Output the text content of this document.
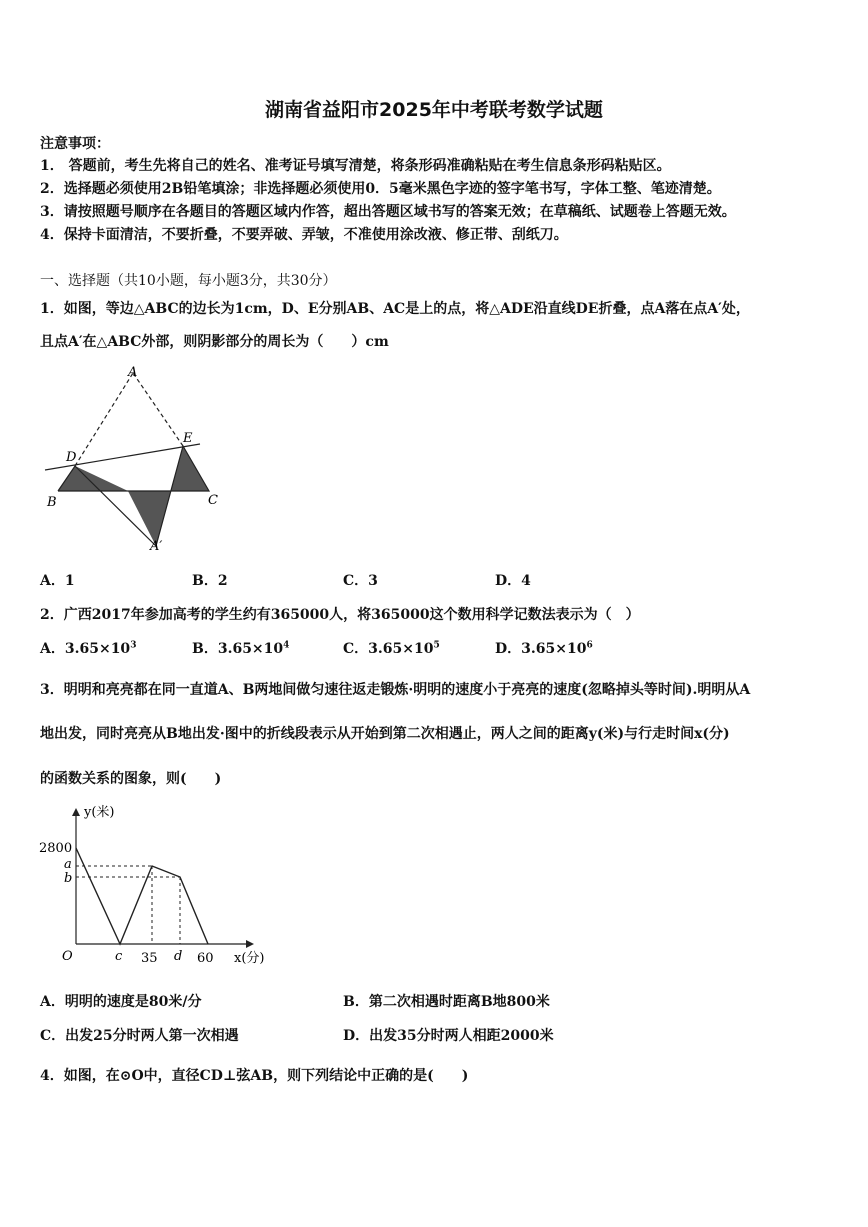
湖南省益阳市2025年中考联考数学试题
注意事项：
1． 答题前，考生先将自己的姓名、准考证号填写清楚，将条形码准确粘贴在考生信息条形码粘贴区。
2．选择题必须使用2B铅笔填涂；非选择题必须使用0．5毫米黑色字迹的签字笔书写，字体工整、笔迹清楚。
3．请按照题号顺序在各题目的答题区域内作答，超出答题区域书写的答案无效；在草稿纸、试题卷上答题无效。
4．保持卡面清洁，不要折叠，不要弄破、弄皱，不准使用涂改液、修正带、刮纸刀。
一、选择题（共10小题，每小题3分，共30分）
1．如图，等边△ABC的边长为1cm，D、E分别AB、AC是上的点，将△ADE沿直线DE折叠，点A落在点A′处，
且点A′在△ABC外部，则阴影部分的周长为（　　）cm
A
D
E
B	C
A′
A．1	B．2	C．3	D．4
2．广西2017年参加高考的学生约有365000人，将365000这个数用科学记数法表示为（　）
A．$3.65\times 10^3$	B．$3.65\times 10^4$	C．$3.65\times 10^5$	D．$3.65\times 10^6$
3．明明和亮亮都在同一直道A、B两地间做匀速往返走锻炼·明明的速度小于亮亮的速度(忽略掉头等时间).明明从A
地出发，同时亮亮从B地出发·图中的折线段表示从开始到第二次相遇止，两人之间的距离y(米)与行走时间x(分)
的函数关系的图象，则(　　)
y(米)
x(分)
O
2800
a
b
c 35 d 60
A．明明的速度是80米/分	B．第二次相遇时距离B地800米
C．出发25分时两人第一次相遇	D．出发35分时两人相距2000米
4．如图，在⊙O中，直径CD⊥弦AB，则下列结论中正确的是(　　)
